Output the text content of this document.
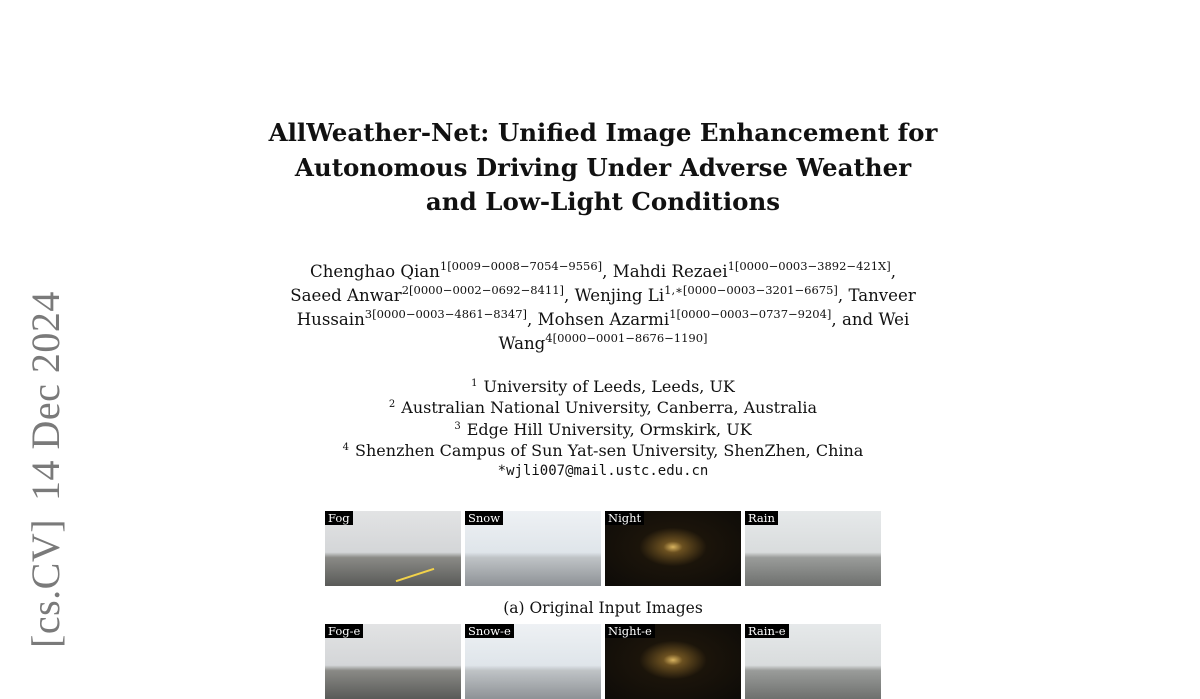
[cs.CV]14 Dec 2024
AllWeather-Net: Unified Image Enhancement for
Autonomous Driving Under Adverse Weather
and Low-Light Conditions
Chenghao Qian$^{1[0009-0008-7054-9556]}$, Mahdi Rezaei$^{1[0000-0003-3892-421X]}$,
Saeed Anwar$^{2[0000-0002-0692-8411]}$, Wenjing $Li^{1,∗[0000-0003-3201-6675]}$, Tanveer Hussain$^{3[0000-0003-4861-8347]}$, Mohsen Azarmi$^{1[0000-0003-0737-9204]}$, and Wei Wang$^{4[0000-0001-8676-1190]}$
$^1$ University of Leeds, Leeds, UK
$^2$ Australian National University, Canberra, Australia
$^3$ Edge Hill University, Ormskirk, UK
$^4$ Shenzhen Campus of Sun Yat-sen University, ShenZhen, China
*wjli007@mail.ustc.edu.cn
Fog	Snow	Night	Rain
(a) Original Input Images
Fog-e	Snow-e	Night-e	Rain-e
